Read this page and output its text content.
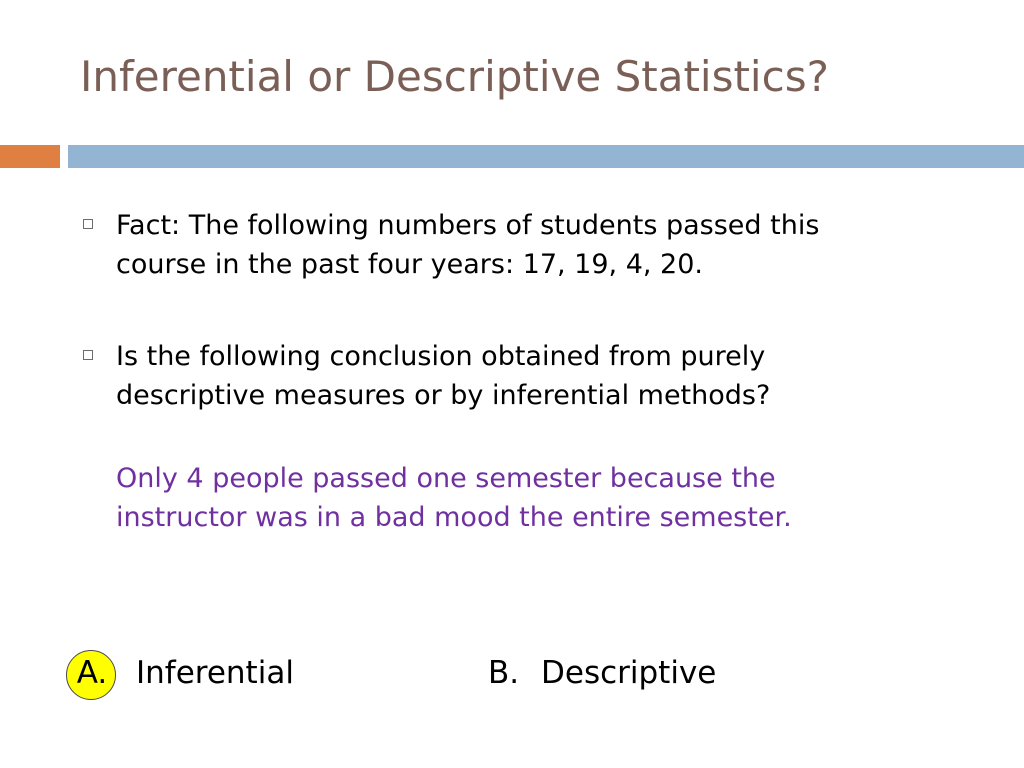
Inferential or Descriptive Statistics?

Fact: The following numbers of students passed this
course in the past four years: 17, 19, 4, 20.

Is the following conclusion obtained from purely
descriptive measures or by inferential methods?

Only 4 people passed one semester because the
instructor was in a bad mood the entire semester.

A. Inferential	B. Descriptive
